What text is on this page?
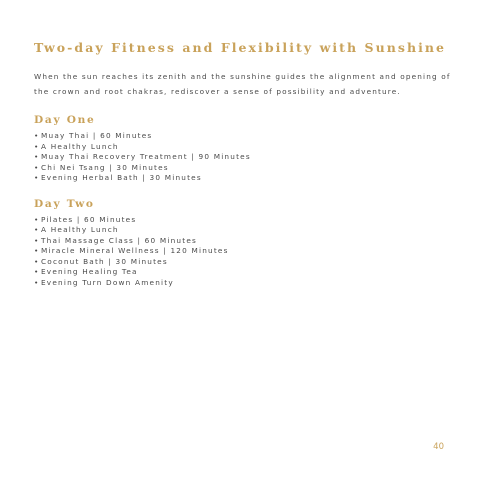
Two-day Fitness and Flexibility with Sunshine

When the sun reaches its zenith and the sunshine guides the alignment and opening of the crown and root chakras, rediscover a sense of possibility and adventure.

Day One
•Muay Thai | 60 Minutes
•A Healthy Lunch
•Muay Thai Recovery Treatment | 90 Minutes
•Chi Nei Tsang | 30 Minutes
•Evening Herbal Bath | 30 Minutes
Day Two
•Pilates | 60 Minutes
•A Healthy Lunch
•Thai Massage Class | 60 Minutes
•Miracle Mineral Wellness | 120 Minutes
•Coconut Bath | 30 Minutes
•Evening Healing Tea
•Evening Turn Down Amenity
40
